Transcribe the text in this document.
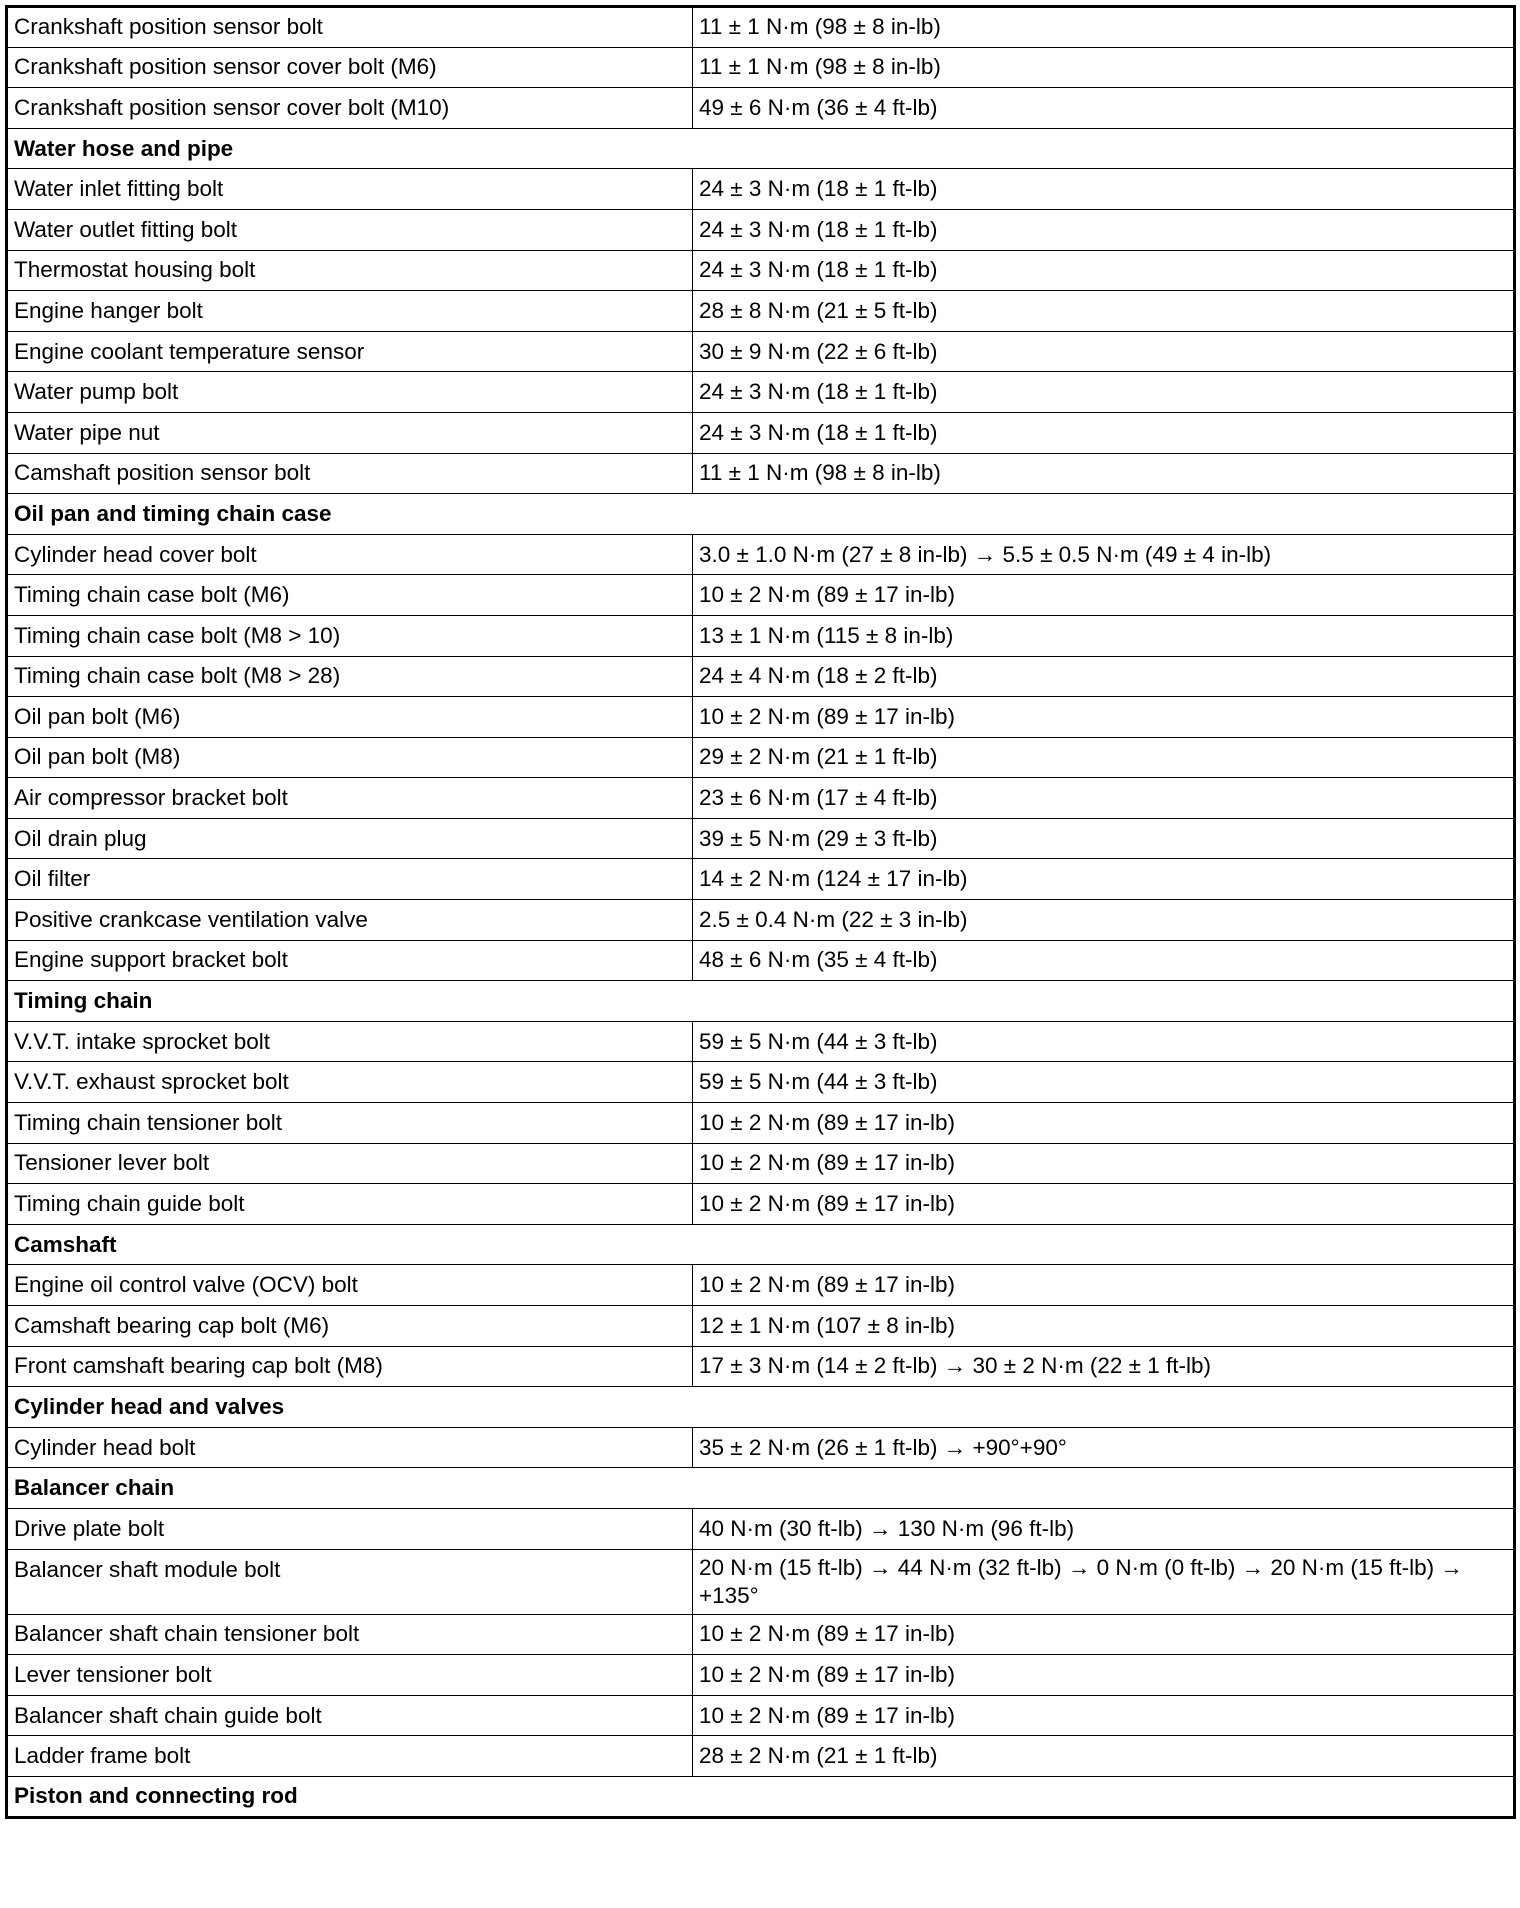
Crankshaft position sensor bolt	11 ± 1 N·m (98 ± 8 in-lb)
Crankshaft position sensor cover bolt (M6)	11 ± 1 N·m (98 ± 8 in-lb)
Crankshaft position sensor cover bolt (M10)	49 ± 6 N·m (36 ± 4 ft-lb)
Water hose and pipe	
Water inlet fitting bolt	24 ± 3 N·m (18 ± 1 ft-lb)
Water outlet fitting bolt	24 ± 3 N·m (18 ± 1 ft-lb)
Thermostat housing bolt	24 ± 3 N·m (18 ± 1 ft-lb)
Engine hanger bolt	28 ± 8 N·m (21 ± 5 ft-lb)
Engine coolant temperature sensor	30 ± 9 N·m (22 ± 6 ft-lb)
Water pump bolt	24 ± 3 N·m (18 ± 1 ft-lb)
Water pipe nut	24 ± 3 N·m (18 ± 1 ft-lb)
Camshaft position sensor bolt	11 ± 1 N·m (98 ± 8 in-lb)
Oil pan and timing chain case	
Cylinder head cover bolt	3.0 ± 1.0 N·m (27 ± 8 in-lb) → 5.5 ± 0.5 N·m (49 ± 4 in-lb)
Timing chain case bolt (M6)	10 ± 2 N·m (89 ± 17 in-lb)
Timing chain case bolt (M8 > 10)	13 ± 1 N·m (115 ± 8 in-lb)
Timing chain case bolt (M8 > 28)	24 ± 4 N·m (18 ± 2 ft-lb)
Oil pan bolt (M6)	10 ± 2 N·m (89 ± 17 in-lb)
Oil pan bolt (M8)	29 ± 2 N·m (21 ± 1 ft-lb)
Air compressor bracket bolt	23 ± 6 N·m (17 ± 4 ft-lb)
Oil drain plug	39 ± 5 N·m (29 ± 3 ft-lb)
Oil filter	14 ± 2 N·m (124 ± 17 in-lb)
Positive crankcase ventilation valve	2.5 ± 0.4 N·m (22 ± 3 in-lb)
Engine support bracket bolt	48 ± 6 N·m (35 ± 4 ft-lb)
Timing chain	
V.V.T. intake sprocket bolt	59 ± 5 N·m (44 ± 3 ft-lb)
V.V.T. exhaust sprocket bolt	59 ± 5 N·m (44 ± 3 ft-lb)
Timing chain tensioner bolt	10 ± 2 N·m (89 ± 17 in-lb)
Tensioner lever bolt	10 ± 2 N·m (89 ± 17 in-lb)
Timing chain guide bolt	10 ± 2 N·m (89 ± 17 in-lb)
Camshaft	
Engine oil control valve (OCV) bolt	10 ± 2 N·m (89 ± 17 in-lb)
Camshaft bearing cap bolt (M6)	12 ± 1 N·m (107 ± 8 in-lb)
Front camshaft bearing cap bolt (M8)	17 ± 3 N·m (14 ± 2 ft-lb) → 30 ± 2 N·m (22 ± 1 ft-lb)
Cylinder head and valves	
Cylinder head bolt	35 ± 2 N·m (26 ± 1 ft-lb) → +90°+90°
Balancer chain	
Drive plate bolt	40 N·m (30 ft-lb) → 130 N·m (96 ft-lb)
Balancer shaft module bolt	20 N·m (15 ft-lb) → 44 N·m (32 ft-lb) → 0 N·m (0 ft-lb) → 20 N·m (15 ft-lb) → +135°
Balancer shaft chain tensioner bolt	10 ± 2 N·m (89 ± 17 in-lb)
Lever tensioner bolt	10 ± 2 N·m (89 ± 17 in-lb)
Balancer shaft chain guide bolt	10 ± 2 N·m (89 ± 17 in-lb)
Ladder frame bolt	28 ± 2 N·m (21 ± 1 ft-lb)
Piston and connecting rod	
